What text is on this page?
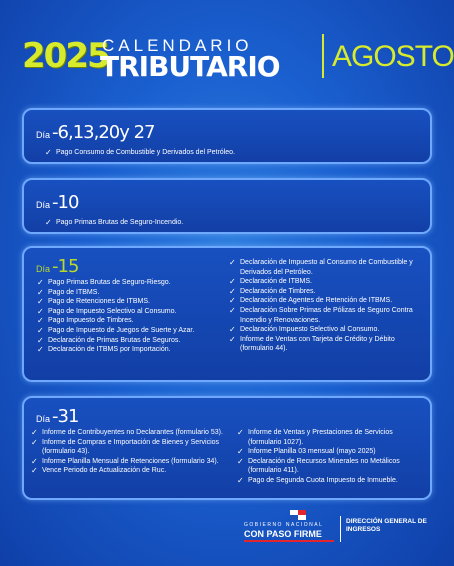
2025
CALENDARIO
TRIBUTARIO AGOSTO
Día - 6,13,20y 27
✓ Pago Consumo de Combustible y Derivados del Petróleo.
Día - 10
✓ Pago Primas Brutas de Seguro-Incendio.
Día - 15
✓ Pago Primas Brutas de Seguro-Riesgo.
✓ Pago de ITBMS.
✓ Pago de Retenciones de ITBMS.
✓ Pago de Impuesto Selectivo al Consumo.
✓ Pago Impuesto de Timbres.
✓ Pago de Impuesto de Juegos de Suerte y Azar.
✓ Declaración de Primas Brutas de Seguros.
✓ Declaración de ITBMS por Importación.
✓ Declaración de Impuesto al Consumo de Combustible y Derivados del Petróleo.
✓ Declaración de ITBMS.
✓ Declaración de Timbres.
✓ Declaración de Agentes de Retención de ITBMS.
✓ Declaración Sobre Primas de Pólizas de Seguro Contra Incendio y Renovaciones.
✓ Declaración Impuesto Selectivo al Consumo.
✓ Informe de Ventas con Tarjeta de Crédito y Débito (formulario 44).
Día - 31
✓ Informe de Contribuyentes no Declarantes (formulario 53).
✓ Informe de Compras e Importación de Bienes y Servicios (formulario 43).
✓ Informe Planilla Mensual de Retenciones (formulario 34).
✓ Vence Periodo de Actualización de Ruc.
✓ Informe de Ventas y Prestaciones de Servicios (formulario 1027).
✓ Informe Planilla 03 mensual (mayo 2025)
✓ Declaración de Recursos Minerales no Metálicos (formulario 411).
✓ Pago de Segunda Cuota Impuesto de Inmueble.
GOBIERNO NACIONAL
CON PASO FIRME
DIRECCIÓN GENERAL DE
INGRESOS
